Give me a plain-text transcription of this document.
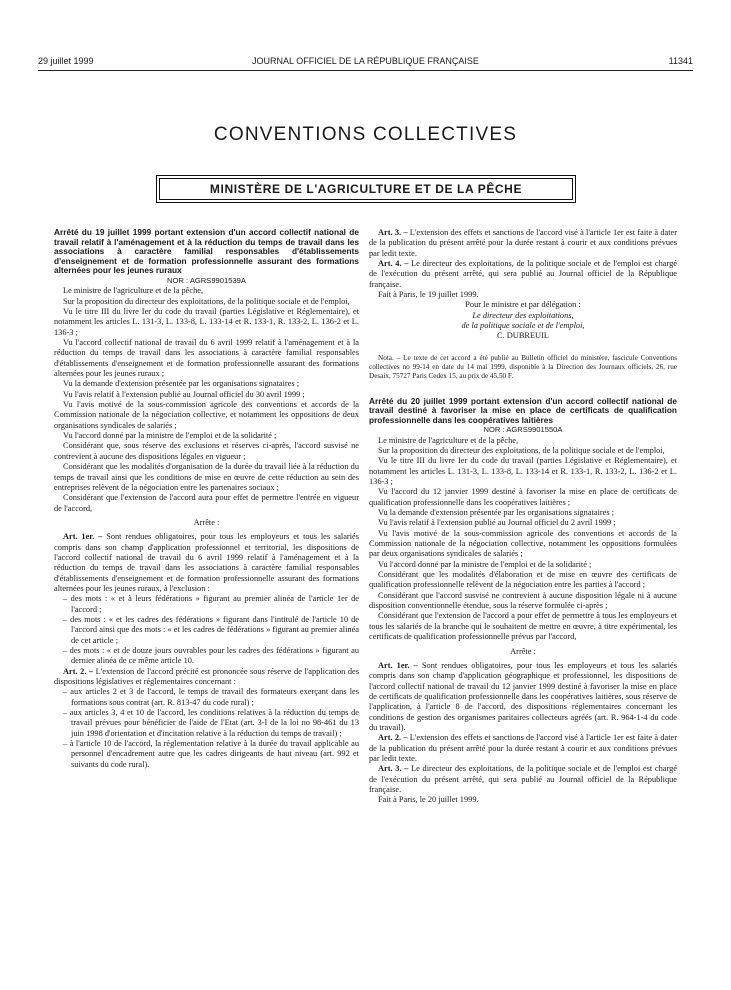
29 juillet 1999	JOURNAL OFFICIEL DE LA RÉPUBLIQUE FRANÇAISE	11341
CONVENTIONS COLLECTIVES
MINISTÈRE DE L'AGRICULTURE ET DE LA PÊCHE

Arrêté du 19 juillet 1999 portant extension d'un accord collectif national de travail relatif à l'aménagement et à la réduction du temps de travail dans les associations à caractère familial responsables d'établissements d'enseignement et de formation professionnelle assurant des formations alternées pour les jeunes ruraux

NOR : AGRS9901539A

Le ministre de l'agriculture et de la pêche,

Sur la proposition du directeur des exploitations, de la politique sociale et de l'emploi,

Vu le titre III du livre Ier du code du travail (parties Législative et Réglementaire), et notamment les articles L. 131-3, L. 133-8, L. 133-14 et R. 133-1, R. 133-2, L. 136-2 et L. 136-3 ;

Vu l'accord collectif national de travail du 6 avril 1999 relatif à l'aménagement et à la réduction du temps de travail dans les associations à caractère familial responsables d'établissements d'enseignement et de formation professionnelle assurant des formations alternées pour les jeunes ruraux ;

Vu la demande d'extension présentée par les organisations signataires ;

Vu l'avis relatif à l'extension publié au Journal officiel du 30 avril 1999 ;

Vu l'avis motivé de la sous-commission agricole des conventions et accords de la Commission nationale de la négociation collective, et notamment les oppositions de deux organisations syndicales de salariés ;

Vu l'accord donné par la ministre de l'emploi et de la solidarité ;

Considérant que, sous réserve des exclusions et réserves ci-après, l'accord susvisé ne contrevient à aucune des dispositions légales en vigueur ;

Considérant que les modalités d'organisation de la durée du travail liée à la réduction du temps de travail ainsi que les conditions de mise en œuvre de cette réduction au sein des entreprises relèvent de la négociation entre les partenaires sociaux ;

Considérant que l'extension de l'accord aura pour effet de permettre l'entrée en vigueur de l'accord,

Arrête :

Art. 1er. – Sont rendues obligatoires, pour tous les employeurs et tous les salariés compris dans son champ d'application professionnel et territorial, les dispositions de l'accord collectif national de travail du 6 avril 1999 relatif à l'aménagement et à la réduction du temps de travail dans les associations à caractère familial responsables d'établissements d'enseignement et de formation professionnelle assurant des formations alternées pour les jeunes ruraux, à l'exclusion :

– des mots : « et à leurs fédérations » figurant au premier alinéa de l'article 1er de l'accord ;
– des mots : « et les cadres des fédérations » figurant dans l'intitulé de l'article 10 de l'accord ainsi que des mots : « et les cadres de fédérations » figurant au premier alinéa de cet article ;
– des mots : « et de douze jours ouvrables pour les cadres des fédérations » figurant au dernier alinéa de ce même article 10.

Art. 2. – L'extension de l'accord précité est prononcée sous réserve de l'application des dispositions législatives et réglementaires concernant :

– aux articles 2 et 3 de l'accord, le temps de travail des formateurs exerçant dans les formations sous contrat (art. R. 813-47 du code rural) ;
– aux articles 3, 4 et 10 de l'accord, les conditions relatives à la réduction du temps de travail prévues pour bénéficier de l'aide de l'Etat (art. 3-I de la loi no 98-461 du 13 juin 1998 d'orientation et d'incitation relative à la réduction du temps de travail) ;
– à l'article 10 de l'accord, la réglementation relative à la durée du travail applicable au personnel d'encadrement autre que les cadres dirigeants de haut niveau (art. 992 et suivants du code rural).

Art. 3. – L'extension des effets et sanctions de l'accord visé à l'article 1er est faite à dater de la publication du présent arrêté pour la durée restant à courir et aux conditions prévues par ledit texte.

Art. 4. – Le directeur des exploitations, de la politique sociale et de l'emploi est chargé de l'exécution du présent arrêté, qui sera publié au Journal officiel de la République française.

Fait à Paris, le 19 juillet 1999.

Pour le ministre et par délégation :

Le directeur des exploitations,

de la politique sociale et de l'emploi,

C. DUBREUIL

Nota. – Le texte de cet accord a été publié au Bulletin officiel du ministère, fascicule Conventions collectives no 99-14 en date du 14 mai 1999, disponible à la Direction des Journaux officiels, 26, rue Desaix, 75727 Paris Cedex 15, au prix de 45,50 F.

Arrêté du 20 juillet 1999 portant extension d'un accord collectif national de travail destiné à favoriser la mise en place de certificats de qualification professionnelle dans les coopératives laitières

NOR : AGRS9901550A

Le ministre de l'agriculture et de la pêche,

Sur la proposition du directeur des exploitations, de la politique sociale et de l'emploi,

Vu le titre III du livre Ier du code du travail (parties Législative et Réglementaire), et notamment les articles L. 131-3, L. 133-8, L. 133-14 et R. 133-1, R. 133-2, L. 136-2 et L. 136-3 ;

Vu l'accord du 12 janvier 1999 destiné à favoriser la mise en place de certificats de qualification professionnelle dans les coopératives laitières ;

Vu la demande d'extension présentée par les organisations signataires ;

Vu l'avis relatif à l'extension publié au Journal officiel du 2 avril 1999 ;

Vu l'avis motivé de la sous-commission agricole des conventions et accords de la Commission nationale de la négociation collective, notamment les oppositions formulées par deux organisations syndicales de salariés ;

Vu l'accord donné par la ministre de l'emploi et de la solidarité ;

Considérant que les modalités d'élaboration et de mise en œuvre des certificats de qualification professionnelle relèvent de la négociation entre les parties à l'accord ;

Considérant que l'accord susvisé ne contrevient à aucune disposition légale ni à aucune disposition conventionnelle étendue, sous la réserve formulée ci-après ;

Considérant que l'extension de l'accord a pour effet de permettre à tous les employeurs et tous les salariés de la branche qui le souhaitent de mettre en œuvre, à titre expérimental, les certificats de qualification professionnelle prévus par l'accord,

Arrête :

Art. 1er. – Sont rendues obligatoires, pour tous les employeurs et tous les salariés compris dans son champ d'application géographique et professionnel, les dispositions de l'accord collectif national de travail du 12 janvier 1999 destiné à favoriser la mise en place de certificats de qualification professionnelle dans les coopératives laitières, sous réserve de l'application, à l'article 8 de l'accord, des dispositions réglementaires concernant les conditions de gestion des organismes paritaires collecteurs agréés (art. R. 964-1-4 du code du travail).

Art. 2. – L'extension des effets et sanctions de l'accord visé à l'article 1er est faite à dater de la publication du présent arrêté pour la durée restant à courir et aux conditions prévues par ledit texte.

Art. 3. – Le directeur des exploitations, de la politique sociale et de l'emploi est chargé de l'exécution du présent arrêté, qui sera publié au Journal officiel de la République française.

Fait à Paris, le 20 juillet 1999.
